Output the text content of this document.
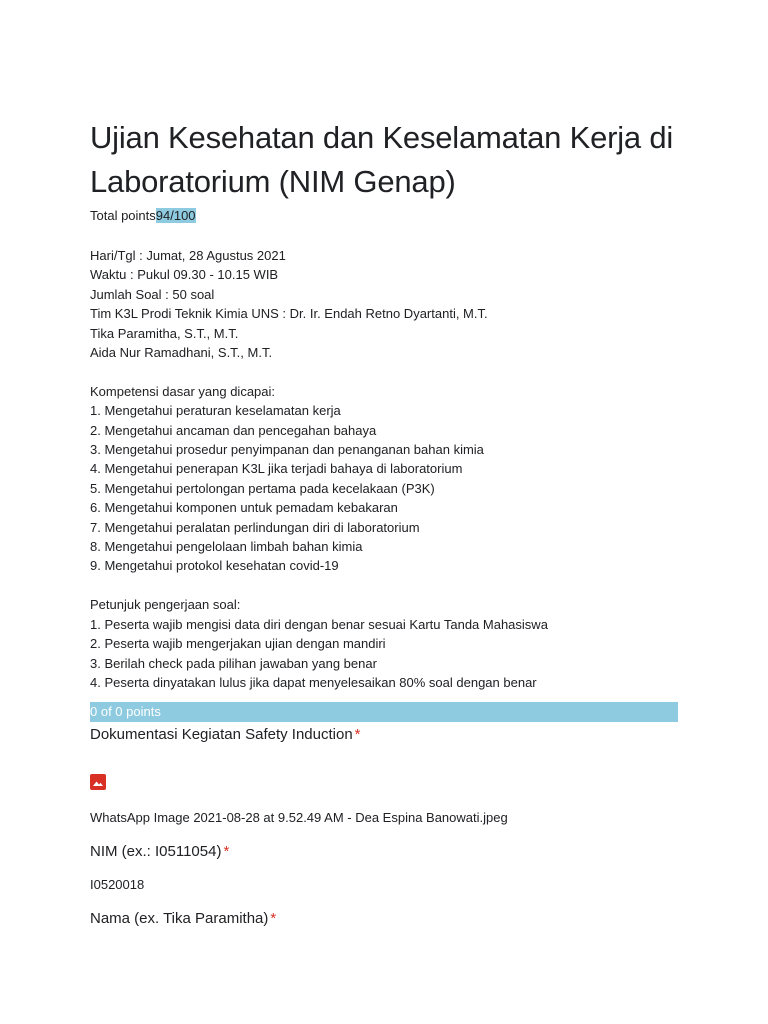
Ujian Kesehatan dan Keselamatan Kerja di Laboratorium (NIM Genap)
Total points94/100
Hari/Tgl : Jumat, 28 Agustus 2021
Waktu : Pukul 09.30 - 10.15 WIB
Jumlah Soal : 50 soal
Tim K3L Prodi Teknik Kimia UNS : Dr. Ir. Endah Retno Dyartanti, M.T.
Tika Paramitha, S.T., M.T.
Aida Nur Ramadhani, S.T., M.T.
Kompetensi dasar yang dicapai:
1. Mengetahui peraturan keselamatan kerja
2. Mengetahui ancaman dan pencegahan bahaya
3. Mengetahui prosedur penyimpanan dan penanganan bahan kimia
4. Mengetahui penerapan K3L jika terjadi bahaya di laboratorium
5. Mengetahui pertolongan pertama pada kecelakaan (P3K)
6. Mengetahui komponen untuk pemadam kebakaran
7. Mengetahui peralatan perlindungan diri di laboratorium
8. Mengetahui pengelolaan limbah bahan kimia
9. Mengetahui protokol kesehatan covid-19
Petunjuk pengerjaan soal:
1. Peserta wajib mengisi data diri dengan benar sesuai Kartu Tanda Mahasiswa
2. Peserta wajib mengerjakan ujian dengan mandiri
3. Berilah check pada pilihan jawaban yang benar
4. Peserta dinyatakan lulus jika dapat menyelesaikan 80% soal dengan benar
0 of 0 points
Dokumentasi Kegiatan Safety Induction *
WhatsApp Image 2021-08-28 at 9.52.49 AM - Dea Espina Banowati.jpeg
NIM (ex.: I0511054) *
I0520018
Nama (ex. Tika Paramitha) *
